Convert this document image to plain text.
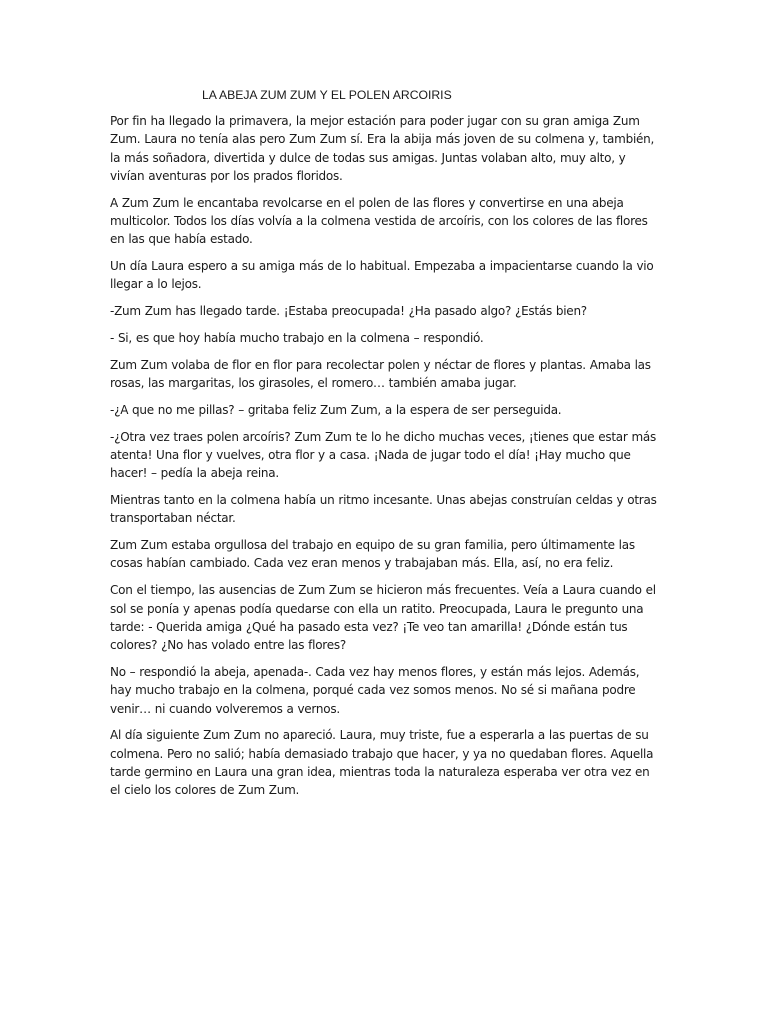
LA ABEJA ZUM ZUM Y EL POLEN ARCOIRIS

Por fin ha llegado la primavera, la mejor estación para poder jugar con su gran amiga Zum Zum. Laura no tenía alas pero Zum Zum sí. Era la abija más joven de su colmena y, también, la más soñadora, divertida y dulce de todas sus amigas. Juntas volaban alto, muy alto, y vivían aventuras por los prados floridos.

A Zum Zum le encantaba revolcarse en el polen de las flores y convertirse en una abeja multicolor. Todos los días volvía a la colmena vestida de arcoíris, con los colores de las flores en las que había estado.

Un día Laura espero a su amiga más de lo habitual. Empezaba a impacientarse cuando la vio llegar a lo lejos.

-Zum Zum has llegado tarde. ¡Estaba preocupada! ¿Ha pasado algo? ¿Estás bien?

- Si, es que hoy había mucho trabajo en la colmena – respondió.

Zum Zum volaba de flor en flor para recolectar polen y néctar de flores y plantas. Amaba las rosas, las margaritas, los girasoles, el romero… también amaba jugar.

-¿A que no me pillas? – gritaba feliz Zum Zum, a la espera de ser perseguida.

-¿Otra vez traes polen arcoíris? Zum Zum te lo he dicho muchas veces, ¡tienes que estar más atenta! Una flor y vuelves, otra flor y a casa. ¡Nada de jugar todo el día! ¡Hay mucho que hacer! – pedía la abeja reina.

Mientras tanto en la colmena había un ritmo incesante. Unas abejas construían celdas y otras transportaban néctar.

Zum Zum estaba orgullosa del trabajo en equipo de su gran familia, pero últimamente las cosas habían cambiado. Cada vez eran menos y trabajaban más. Ella, así, no era feliz.

Con el tiempo, las ausencias de Zum Zum se hicieron más frecuentes. Veía a Laura cuando el sol se ponía y apenas podía quedarse con ella un ratito. Preocupada, Laura le pregunto una tarde: - Querida amiga ¿Qué ha pasado esta vez? ¡Te veo tan amarilla! ¿Dónde están tus colores? ¿No has volado entre las flores?

No – respondió la abeja, apenada-. Cada vez hay menos flores, y están más lejos. Además, hay mucho trabajo en la colmena, porqué cada vez somos menos. No sé si mañana podre venir… ni cuando volveremos a vernos.

Al día siguiente Zum Zum no apareció. Laura, muy triste, fue a esperarla a las puertas de su colmena. Pero no salió; había demasiado trabajo que hacer, y ya no quedaban flores. Aquella tarde germino en Laura una gran idea, mientras toda la naturaleza esperaba ver otra vez en el cielo los colores de Zum Zum.
